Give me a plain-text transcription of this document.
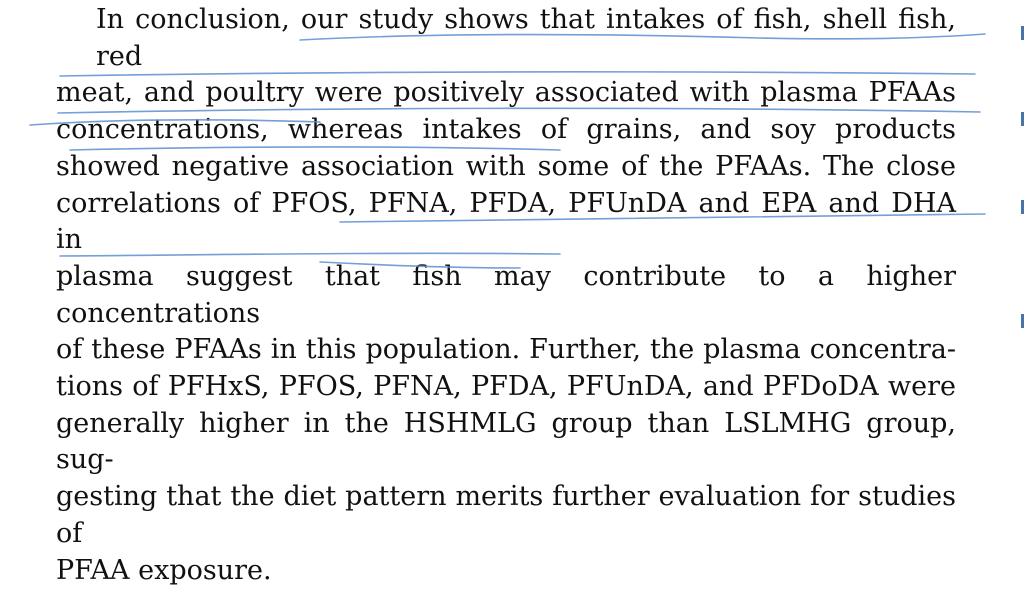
In conclusion, our study shows that intakes of fish, shell fish, red
meat, and poultry were positively associated with plasma PFAAs
concentrations, whereas intakes of grains, and soy products
showed negative association with some of the PFAAs. The close
correlations of PFOS, PFNA, PFDA, PFUnDA and EPA and DHA in
plasma suggest that fish may contribute to a higher concentrations
of these PFAAs in this population. Further, the plasma concentra-
tions of PFHxS, PFOS, PFNA, PFDA, PFUnDA, and PFDoDA were
generally higher in the HSHMLG group than LSLMHG group, sug-
gesting that the diet pattern merits further evaluation for studies of
PFAA exposure.
